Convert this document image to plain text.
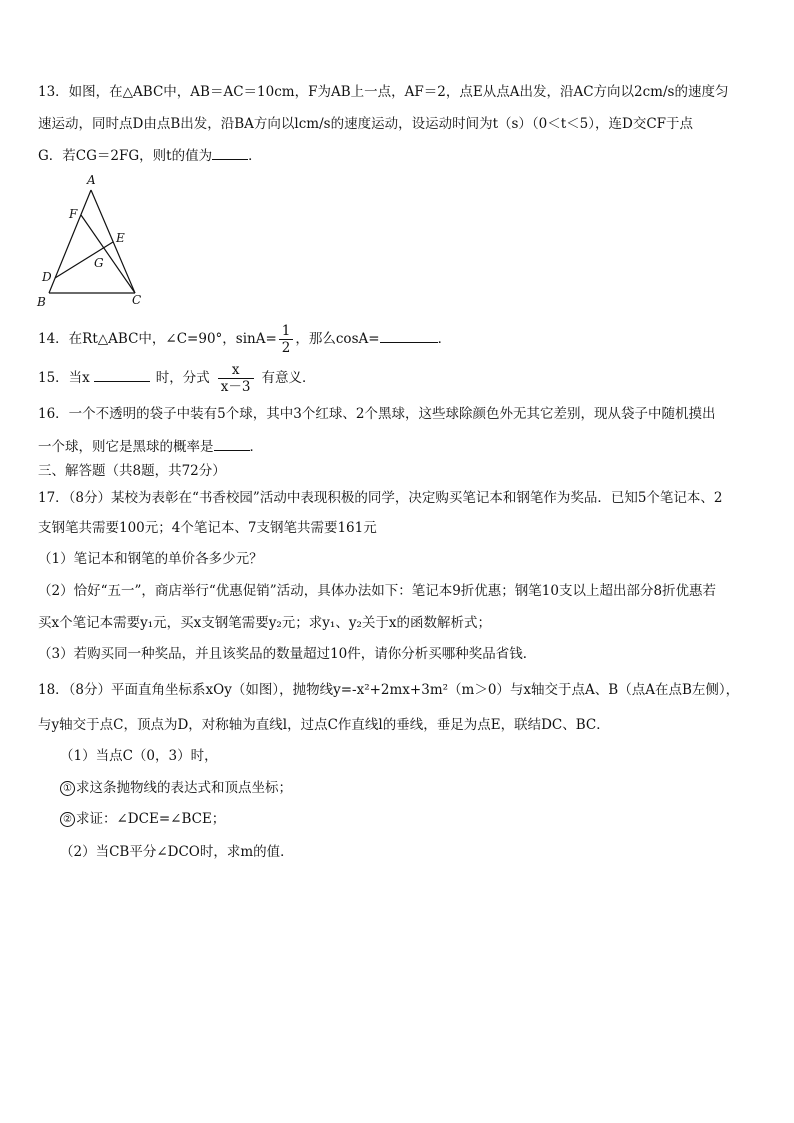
13．如图，在△ABC中，AB＝AC＝10cm，F为AB上一点，AF＝2，点E从点A出发，沿AC方向以2cm/s的速度匀
速运动，同时点D由点B出发，沿BA方向以lcm/s的速度运动，设运动时间为t（s）（0＜t＜5），连D交CF于点
G．若CG＝2FG，则t的值为	．
A
F
E
G
D
B	C
14．在Rt△ABC中，∠C=90°，$\sin A= \frac{1}{2}$ ，那么cosA=	．
15．当x	时，分式 $\frac{x}{x-3}$ 有意义．
16．一个不透明的袋子中装有5个球，其中3个红球、2个黑球，这些球除颜色外无其它差别，现从袋子中随机摸出
一个球，则它是黑球的概率是	．
三、解答题（共8题，共72分）
17．（8分）某校为表彰在“书香校园”活动中表现积极的同学，决定购买笔记本和钢笔作为奖品．已知5个笔记本、2
支钢笔共需要100元；4个笔记本、7支钢笔共需要161元
（1）笔记本和钢笔的单价各多少元？
（2）恰好“五一”，商店举行“优惠促销”活动，具体办法如下：笔记本9折优惠；钢笔10支以上超出部分8折优惠若
买x个笔记本需要y₁元，买x支钢笔需要y₂元；求y₁、y₂关于x的函数解析式；
（3）若购买同一种奖品，并且该奖品的数量超过10件，请你分析买哪种奖品省钱．
18．（8分）平面直角坐标系xOy（如图），抛物线y=-x²+2mx+3m²（m＞0）与x轴交于点A、B（点A在点B左侧），
与y轴交于点C，顶点为D，对称轴为直线l，过点C作直线l的垂线，垂足为点E，联结DC、BC．
（1）当点C（0，3）时，
① 求这条抛物线的表达式和顶点坐标；
② 求证：∠DCE=∠BCE；
（2）当CB平分∠DCO时，求m的值．
